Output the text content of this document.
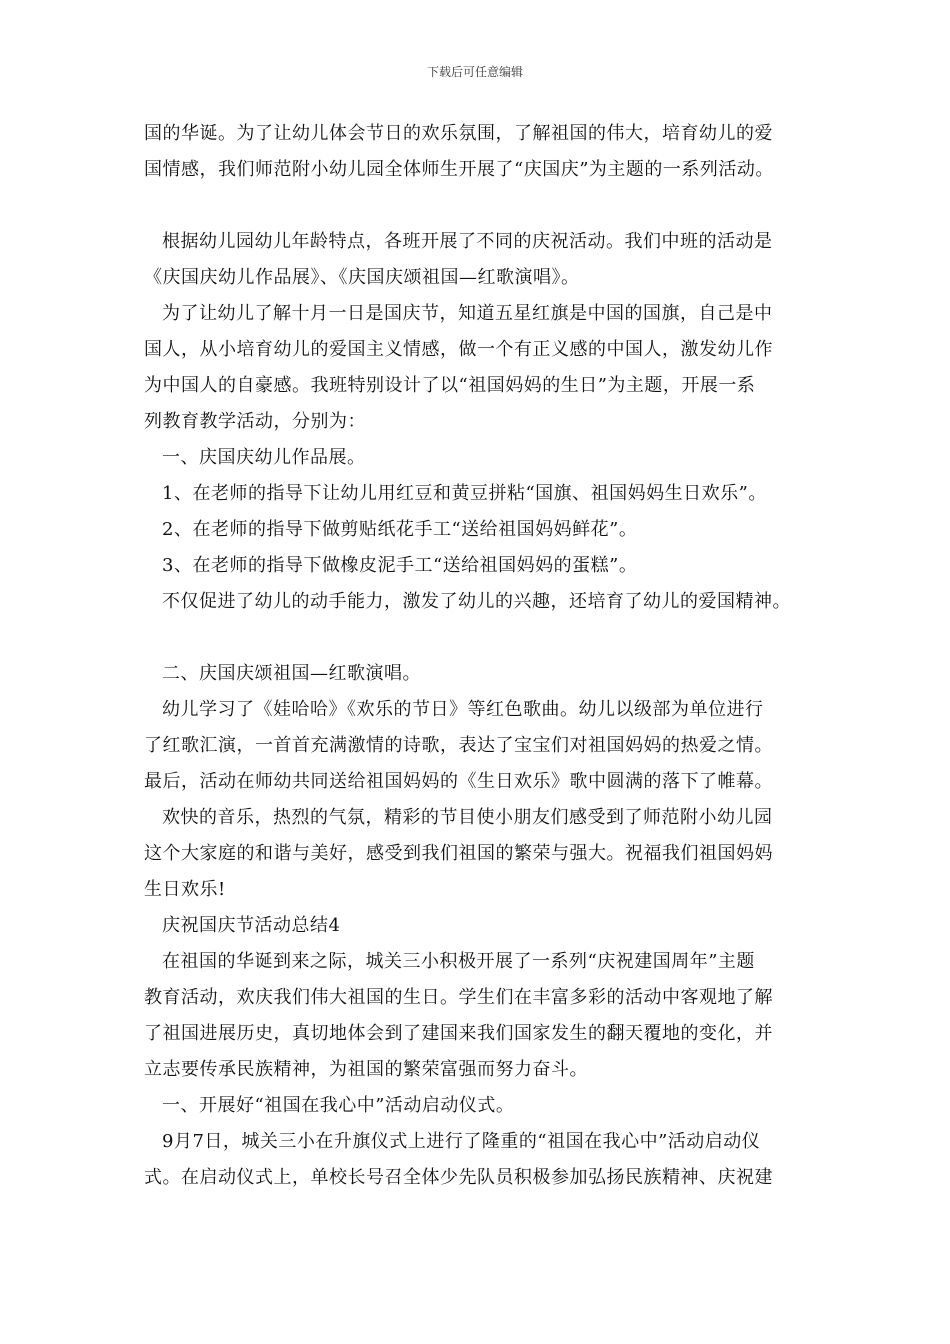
下载后可任意编辑
国的华诞。为了让幼儿体会节日的欢乐氛围，了解祖国的伟大，培育幼儿的爱
国情感，我们师范附小幼儿园全体师生开展了“庆国庆”为主题的一系列活动。
根据幼儿园幼儿年龄特点，各班开展了不同的庆祝活动。我们中班的活动是
《庆国庆幼儿作品展》、《庆国庆颂祖国—红歌演唱》。
为了让幼儿了解十月一日是国庆节，知道五星红旗是中国的国旗，自己是中
国人，从小培育幼儿的爱国主义情感，做一个有正义感的中国人，激发幼儿作
为中国人的自豪感。我班特别设计了以“祖国妈妈的生日”为主题，开展一系
列教育教学活动，分别为：
一、庆国庆幼儿作品展。
1、在老师的指导下让幼儿用红豆和黄豆拼粘“国旗、祖国妈妈生日欢乐”。
2、在老师的指导下做剪贴纸花手工“送给祖国妈妈鲜花”。
3、在老师的指导下做橡皮泥手工“送给祖国妈妈的蛋糕”。
不仅促进了幼儿的动手能力，激发了幼儿的兴趣，还培育了幼儿的爱国精神。
二、庆国庆颂祖国—红歌演唱。
幼儿学习了《娃哈哈》《欢乐的节日》等红色歌曲。幼儿以级部为单位进行
了红歌汇演，一首首充满激情的诗歌，表达了宝宝们对祖国妈妈的热爱之情。
最后，活动在师幼共同送给祖国妈妈的《生日欢乐》歌中圆满的落下了帷幕。
欢快的音乐，热烈的气氛，精彩的节目使小朋友们感受到了师范附小幼儿园
这个大家庭的和谐与美好，感受到我们祖国的繁荣与强大。祝福我们祖国妈妈
生日欢乐!
庆祝国庆节活动总结4
在祖国的华诞到来之际，城关三小积极开展了一系列“庆祝建国周年”主题
教育活动，欢庆我们伟大祖国的生日。学生们在丰富多彩的活动中客观地了解
了祖国进展历史，真切地体会到了建国来我们国家发生的翻天覆地的变化，并
立志要传承民族精神，为祖国的繁荣富强而努力奋斗。
一、开展好“祖国在我心中”活动启动仪式。
9月7日，城关三小在升旗仪式上进行了隆重的“祖国在我心中”活动启动仪
式。在启动仪式上，单校长号召全体少先队员积极参加弘扬民族精神、庆祝建
